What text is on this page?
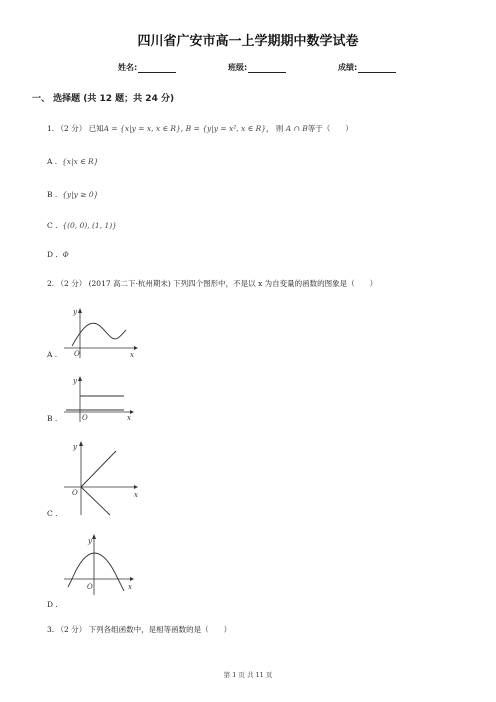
四川省广安市高一上学期期中数学试卷
姓名:	班级:	成绩:
一、 选择题 (共 12 题；共 24 分)
1. （2 分） 已知A = {x|y = x, x ∈ R}, B = {y|y = x², x ∈ R}， 则 A ∩ B等于（　　）
A . {x|x ∈ R}
B . {y|y ≥ 0}
C . {(0, 0), (1, 1)}
D . Φ
2. （2 分） (2017 高二下·杭州期末) 下列四个图形中，不是以 x 为自变量的函数的图象是（　　）
y
x
O
A .
y
x
O
B .
y
x
O
C .
y
x
O
D .
3. （2 分） 下列各组函数中，是相等函数的是（　　）
第 1 页 共 11 页
